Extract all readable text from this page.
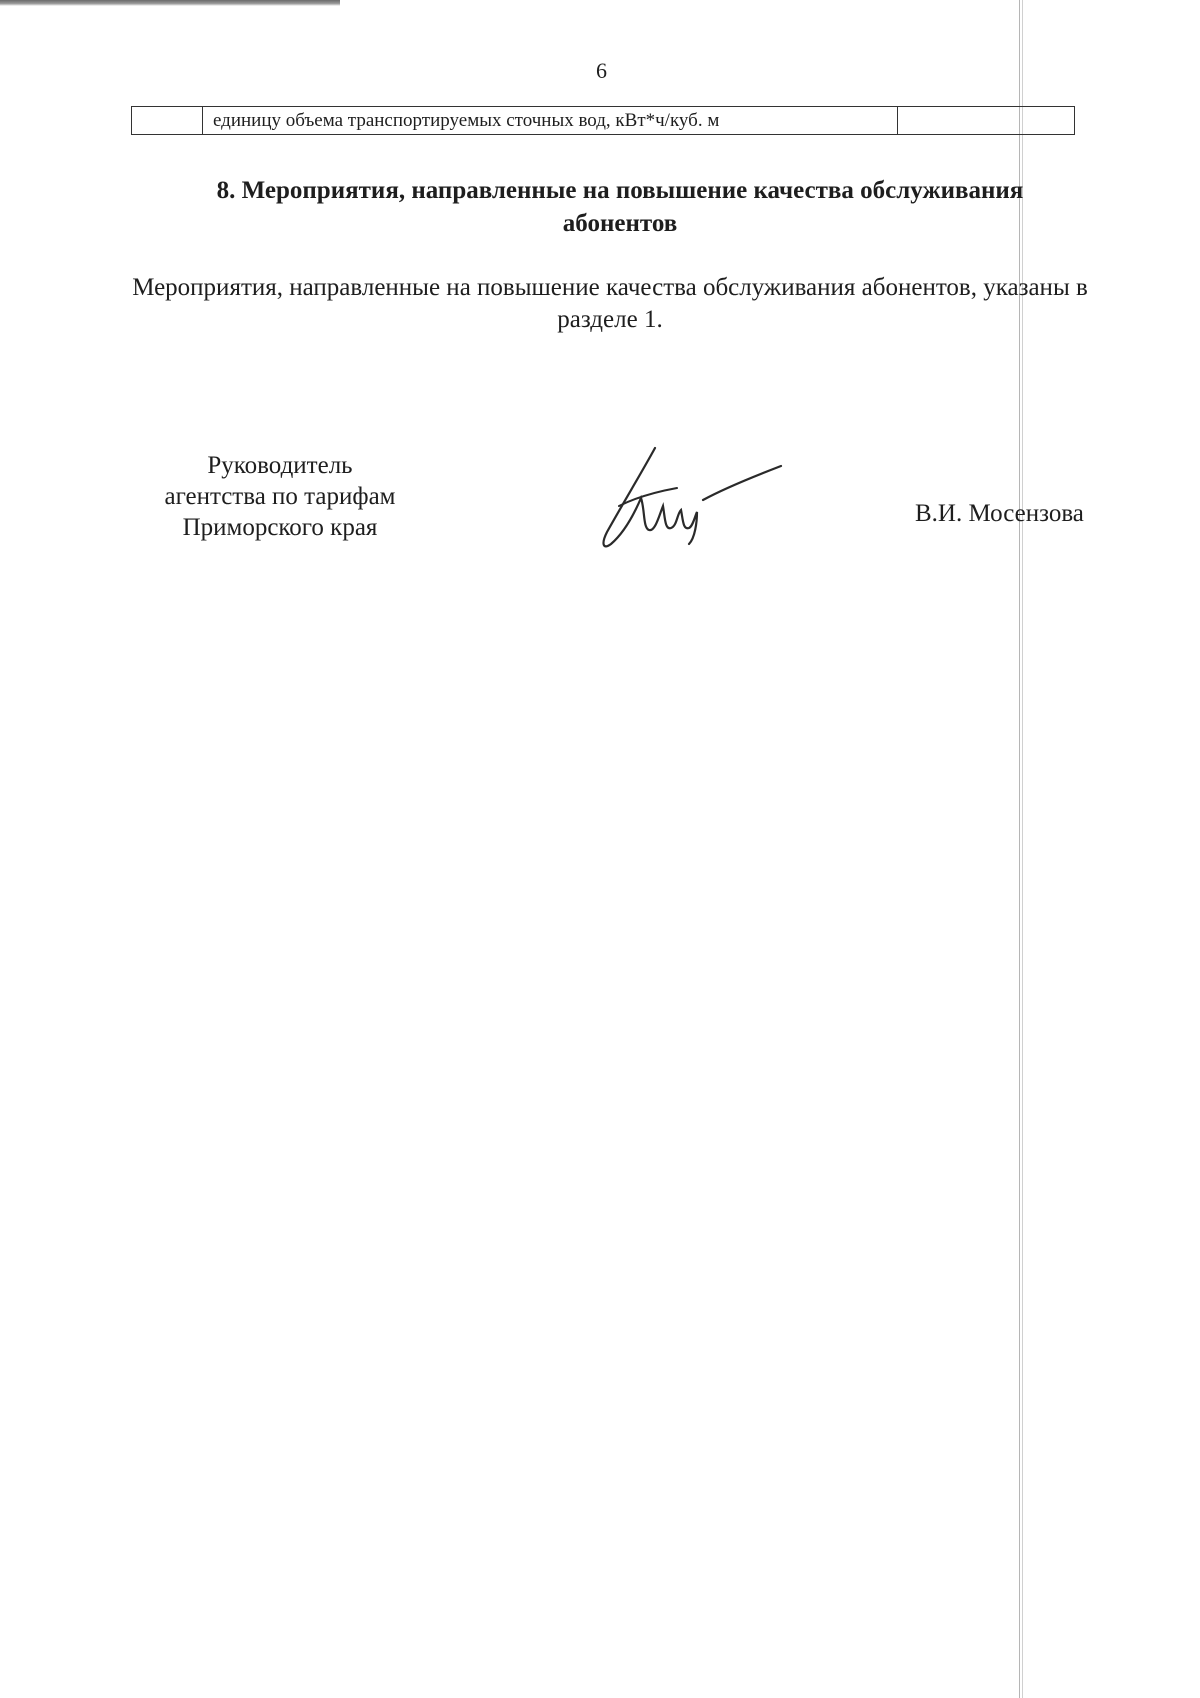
6
	единицу объема транспортируемых сточных вод, кВт*ч/куб. м	
8. Мероприятия, направленные на повышение качества обслуживания абонентов
Мероприятия, направленные на повышение качества обслуживания абонентов, указаны в разделе 1.
Руководитель
агентства по тарифам
Приморского края
В.И. Мосензова
